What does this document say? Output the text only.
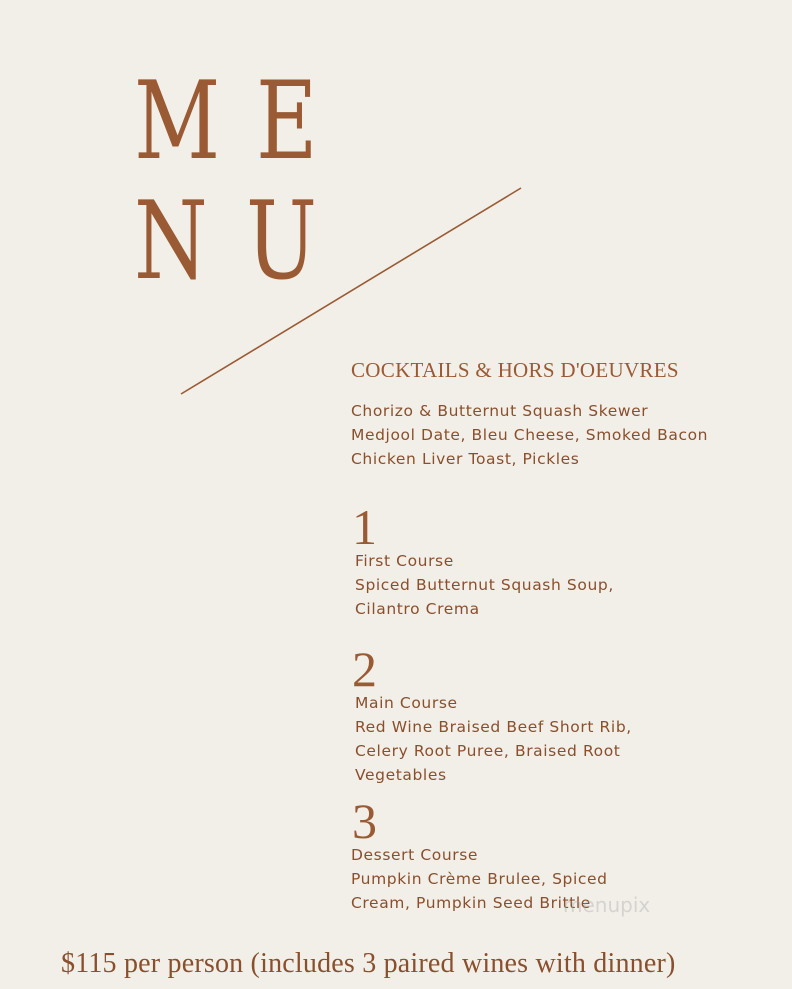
M E
N U
COCKTAILS & HORS D'OEUVRES
Chorizo & Butternut Squash Skewer
Medjool Date, Bleu Cheese, Smoked Bacon
Chicken Liver Toast, Pickles
1
First Course
Spiced Butternut Squash Soup,
Cilantro Crema
2
Main Course
Red Wine Braised Beef Short Rib,
Celery Root Puree, Braised Root
Vegetables
3
Dessert Course
Pumpkin Crème Brulee, Spiced
Cream, Pumpkin Seed Brittle
menupix
$115 per person (includes 3 paired wines with dinner)
